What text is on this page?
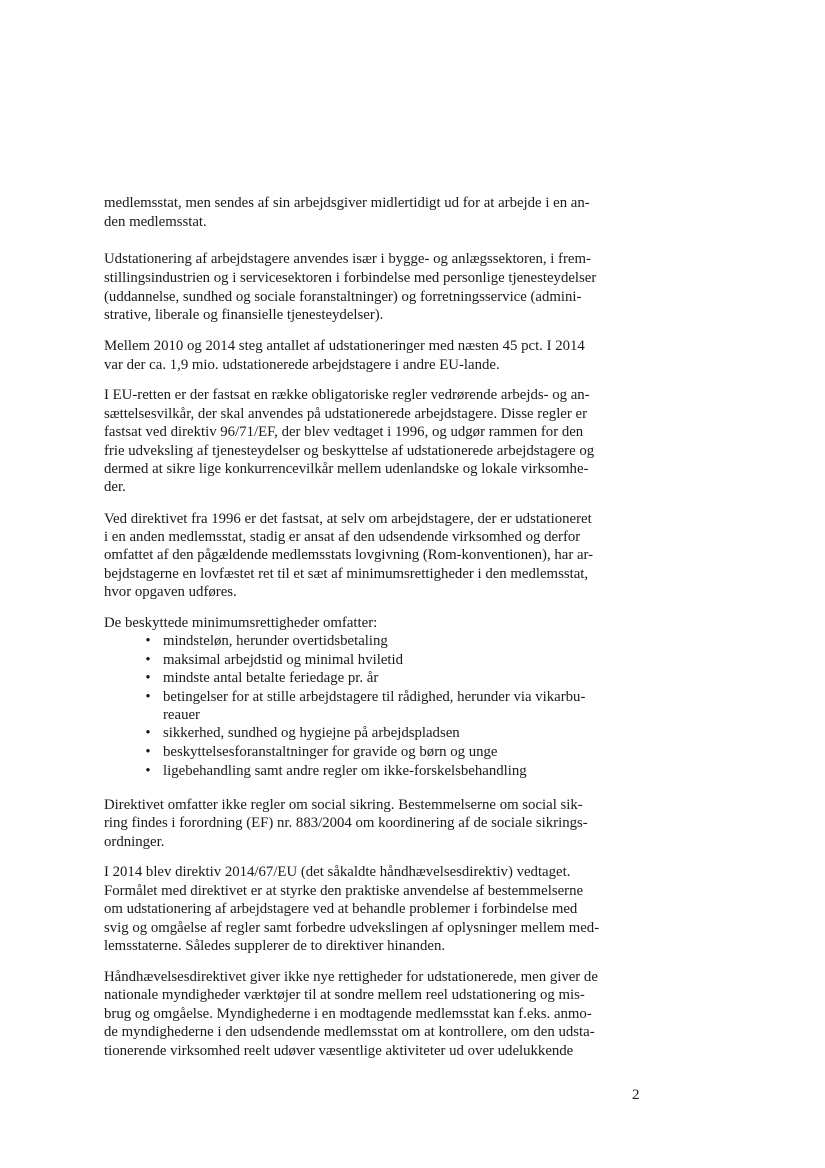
medlemsstat, men sendes af sin arbejdsgiver midlertidigt ud for at arbejde i en an-
den medlemsstat.
Udstationering af arbejdstagere anvendes især i bygge- og anlægssektoren, i frem-
stillingsindustrien og i servicesektoren i forbindelse med personlige tjenesteydelser
(uddannelse, sundhed og sociale foranstaltninger) og forretningsservice (admini-
strative, liberale og finansielle tjenesteydelser).
Mellem 2010 og 2014 steg antallet af udstationeringer med næsten 45 pct. I 2014
var der ca. 1,9 mio. udstationerede arbejdstagere i andre EU-lande.
I EU-retten er der fastsat en række obligatoriske regler vedrørende arbejds- og an-
sættelsesvilkår, der skal anvendes på udstationerede arbejdstagere. Disse regler er
fastsat ved direktiv 96/71/EF, der blev vedtaget i 1996, og udgør rammen for den
frie udveksling af tjenesteydelser og beskyttelse af udstationerede arbejdstagere og
dermed at sikre lige konkurrencevilkår mellem udenlandske og lokale virksomhe-
der.
Ved direktivet fra 1996 er det fastsat, at selv om arbejdstagere, der er udstationeret
i en anden medlemsstat, stadig er ansat af den udsendende virksomhed og derfor
omfattet af den pågældende medlemsstats lovgivning (Rom-konventionen), har ar-
bejdstagerne en lovfæstet ret til et sæt af minimumsrettigheder i den medlemsstat,
hvor opgaven udføres.
De beskyttede minimumsrettigheder omfatter:
• mindsteløn, herunder overtidsbetaling
• maksimal arbejdstid og minimal hviletid
• mindste antal betalte feriedage pr. år
• betingelser for at stille arbejdstagere til rådighed, herunder via vikarbu-
reauer
• sikkerhed, sundhed og hygiejne på arbejdspladsen
• beskyttelsesforanstaltninger for gravide og børn og unge
• ligebehandling samt andre regler om ikke-forskelsbehandling
Direktivet omfatter ikke regler om social sikring. Bestemmelserne om social sik-
ring findes i forordning (EF) nr. 883/2004 om koordinering af de sociale sikrings-
ordninger.
I 2014 blev direktiv 2014/67/EU (det såkaldte håndhævelsesdirektiv) vedtaget.
Formålet med direktivet er at styrke den praktiske anvendelse af bestemmelserne
om udstationering af arbejdstagere ved at behandle problemer i forbindelse med
svig og omgåelse af regler samt forbedre udvekslingen af oplysninger mellem med-
lemsstaterne. Således supplerer de to direktiver hinanden.
Håndhævelsesdirektivet giver ikke nye rettigheder for udstationerede, men giver de
nationale myndigheder værktøjer til at sondre mellem reel udstationering og mis-
brug og omgåelse. Myndighederne i en modtagende medlemsstat kan f.eks. anmo-
de myndighederne i den udsendende medlemsstat om at kontrollere, om den udsta-
tionerende virksomhed reelt udøver væsentlige aktiviteter ud over udelukkende
2
